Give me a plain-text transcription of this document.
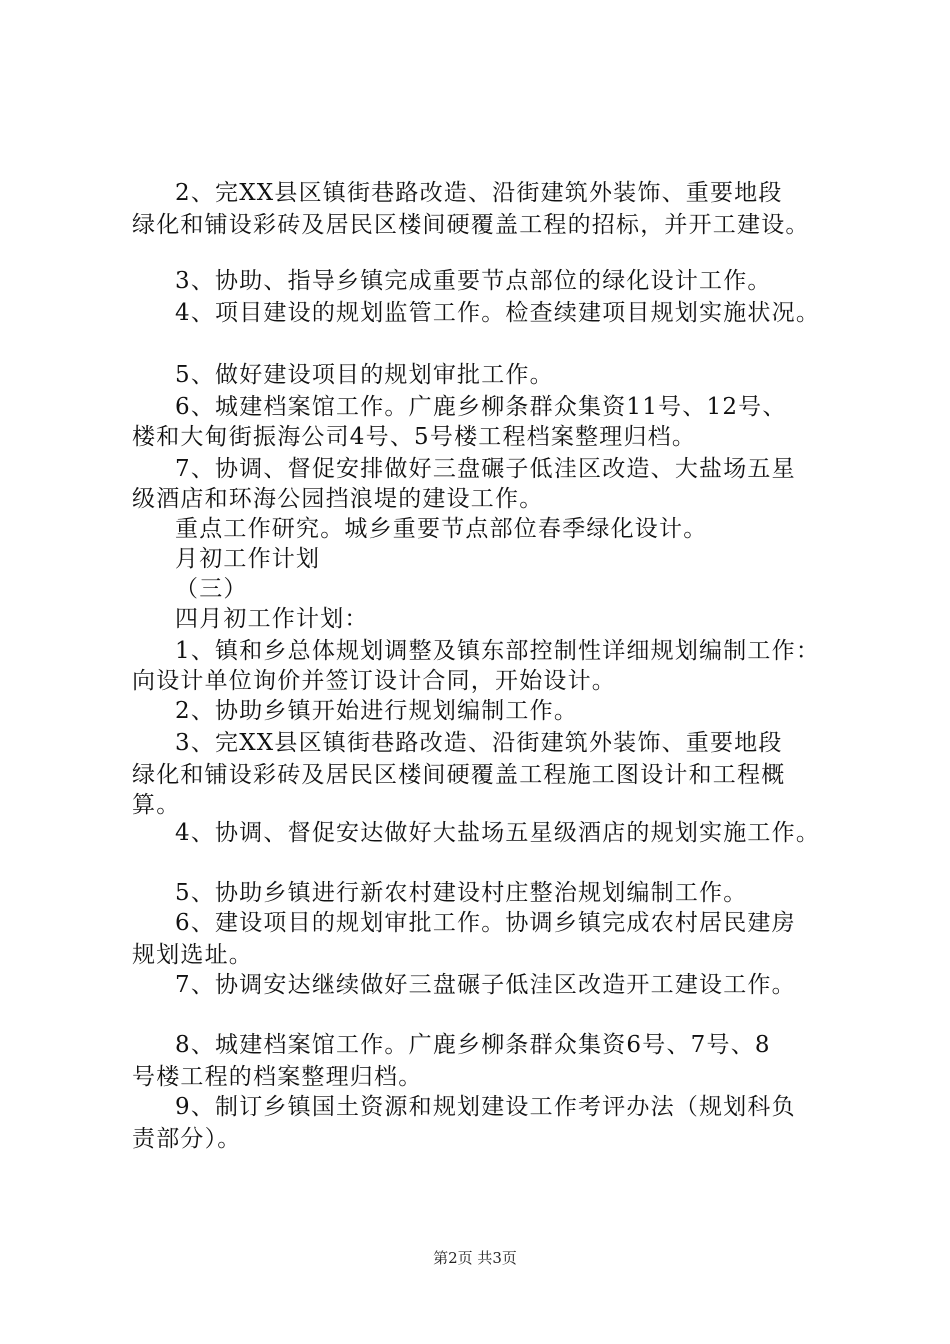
2、完XX县区镇街巷路改造、沿街建筑外装饰、重要地段
绿化和铺设彩砖及居民区楼间硬覆盖工程的招标，并开工建设。
3、协助、指导乡镇完成重要节点部位的绿化设计工作。
4、项目建设的规划监管工作。检查续建项目规划实施状况。
5、做好建设项目的规划审批工作。
6、城建档案馆工作。广鹿乡柳条群众集资11号、12号、
楼和大甸街振海公司4号、5号楼工程档案整理归档。
7、协调、督促安排做好三盘碾子低洼区改造、大盐场五星
级酒店和环海公园挡浪堤的建设工作。
重点工作研究。城乡重要节点部位春季绿化设计。
月初工作计划
（三）
四月初工作计划：
1、镇和乡总体规划调整及镇东部控制性详细规划编制工作：
向设计单位询价并签订设计合同，开始设计。
2、协助乡镇开始进行规划编制工作。
3、完XX县区镇街巷路改造、沿街建筑外装饰、重要地段
绿化和铺设彩砖及居民区楼间硬覆盖工程施工图设计和工程概
算。
4、协调、督促安达做好大盐场五星级酒店的规划实施工作。
5、协助乡镇进行新农村建设村庄整治规划编制工作。
6、建设项目的规划审批工作。协调乡镇完成农村居民建房
规划选址。
7、协调安达继续做好三盘碾子低洼区改造开工建设工作。
8、城建档案馆工作。广鹿乡柳条群众集资6号、7号、8
号楼工程的档案整理归档。
9、制订乡镇国土资源和规划建设工作考评办法（规划科负
责部分）。
第2页 共3页
